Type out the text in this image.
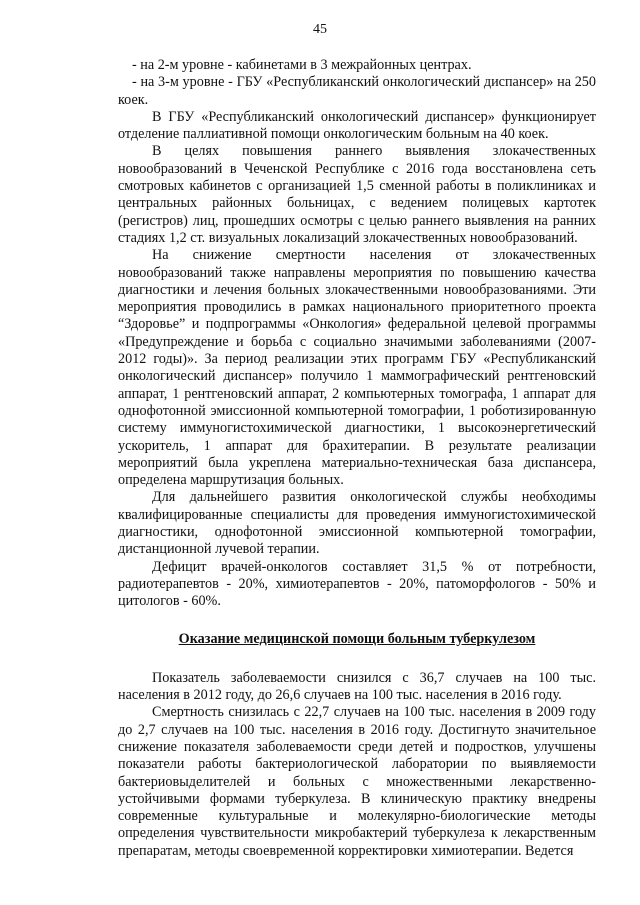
45

- на 2-м уровне - кабинетами в 3 межрайонных центрах.

- на 3-м уровне - ГБУ «Республиканский онкологический диспансер» на 250 коек.

В ГБУ «Республиканский онкологический диспансер» функционирует отделение паллиативной помощи онкологическим больным на 40 коек.

В целях повышения раннего выявления злокачественных новообразований в Чеченской Республике с 2016 года восстановлена сеть смотровых кабинетов с организацией 1,5 сменной работы в поликлиниках и центральных районных больницах, с ведением полицевых картотек (регистров) лиц, прошедших осмотры с целью раннего выявления на ранних стадиях 1,2 ст. визуальных локализаций злокачественных новообразований.

На снижение смертности населения от злокачественных новообразований также направлены мероприятия по повышению качества диагностики и лечения больных злокачественными новообразованиями. Эти мероприятия проводились в рамках национального приоритетного проекта “Здоровье” и подпрограммы «Онкология» федеральной целевой программы «Предупреждение и борьба с социально значимыми заболеваниями (2007-2012 годы)». За период реализации этих программ ГБУ «Республиканский онкологический диспансер» получило 1 маммографический рентгеновский аппарат, 1 рентгеновский аппарат, 2 компьютерных томографа, 1 аппарат для однофотонной эмиссионной компьютерной томографии, 1 роботизированную систему иммуногистохимической диагностики, 1 высокоэнергетический ускоритель, 1 аппарат для брахитерапии. В результате реализации мероприятий была укреплена материально-техническая база диспансера, определена маршрутизация больных.

Для дальнейшего развития онкологической службы необходимы квалифицированные специалисты для проведения иммуногистохимической диагностики, однофотонной эмиссионной компьютерной томографии, дистанционной лучевой терапии.

Дефицит врачей-онкологов составляет 31,5 % от потребности, радиотерапевтов - 20%, химиотерапевтов - 20%, патоморфологов - 50% и цитологов - 60%.

Оказание медицинской помощи больным туберкулезом

Показатель заболеваемости снизился с 36,7 случаев на 100 тыс. населения в 2012 году, до 26,6 случаев на 100 тыс. населения в 2016 году.

Смертность снизилась с 22,7 случаев на 100 тыс. населения в 2009 году до 2,7 случаев на 100 тыс. населения в 2016 году. Достигнуто значительное снижение показателя заболеваемости среди детей и подростков, улучшены показатели работы бактериологической лаборатории по выявляемости бактериовыделителей и больных с множественными лекарственно-устойчивыми формами туберкулеза. В клиническую практику внедрены современные культуральные и молекулярно-биологические методы определения чувствительности микробактерий туберкулеза к лекарственным препаратам, методы своевременной корректировки химиотерапии. Ведется
